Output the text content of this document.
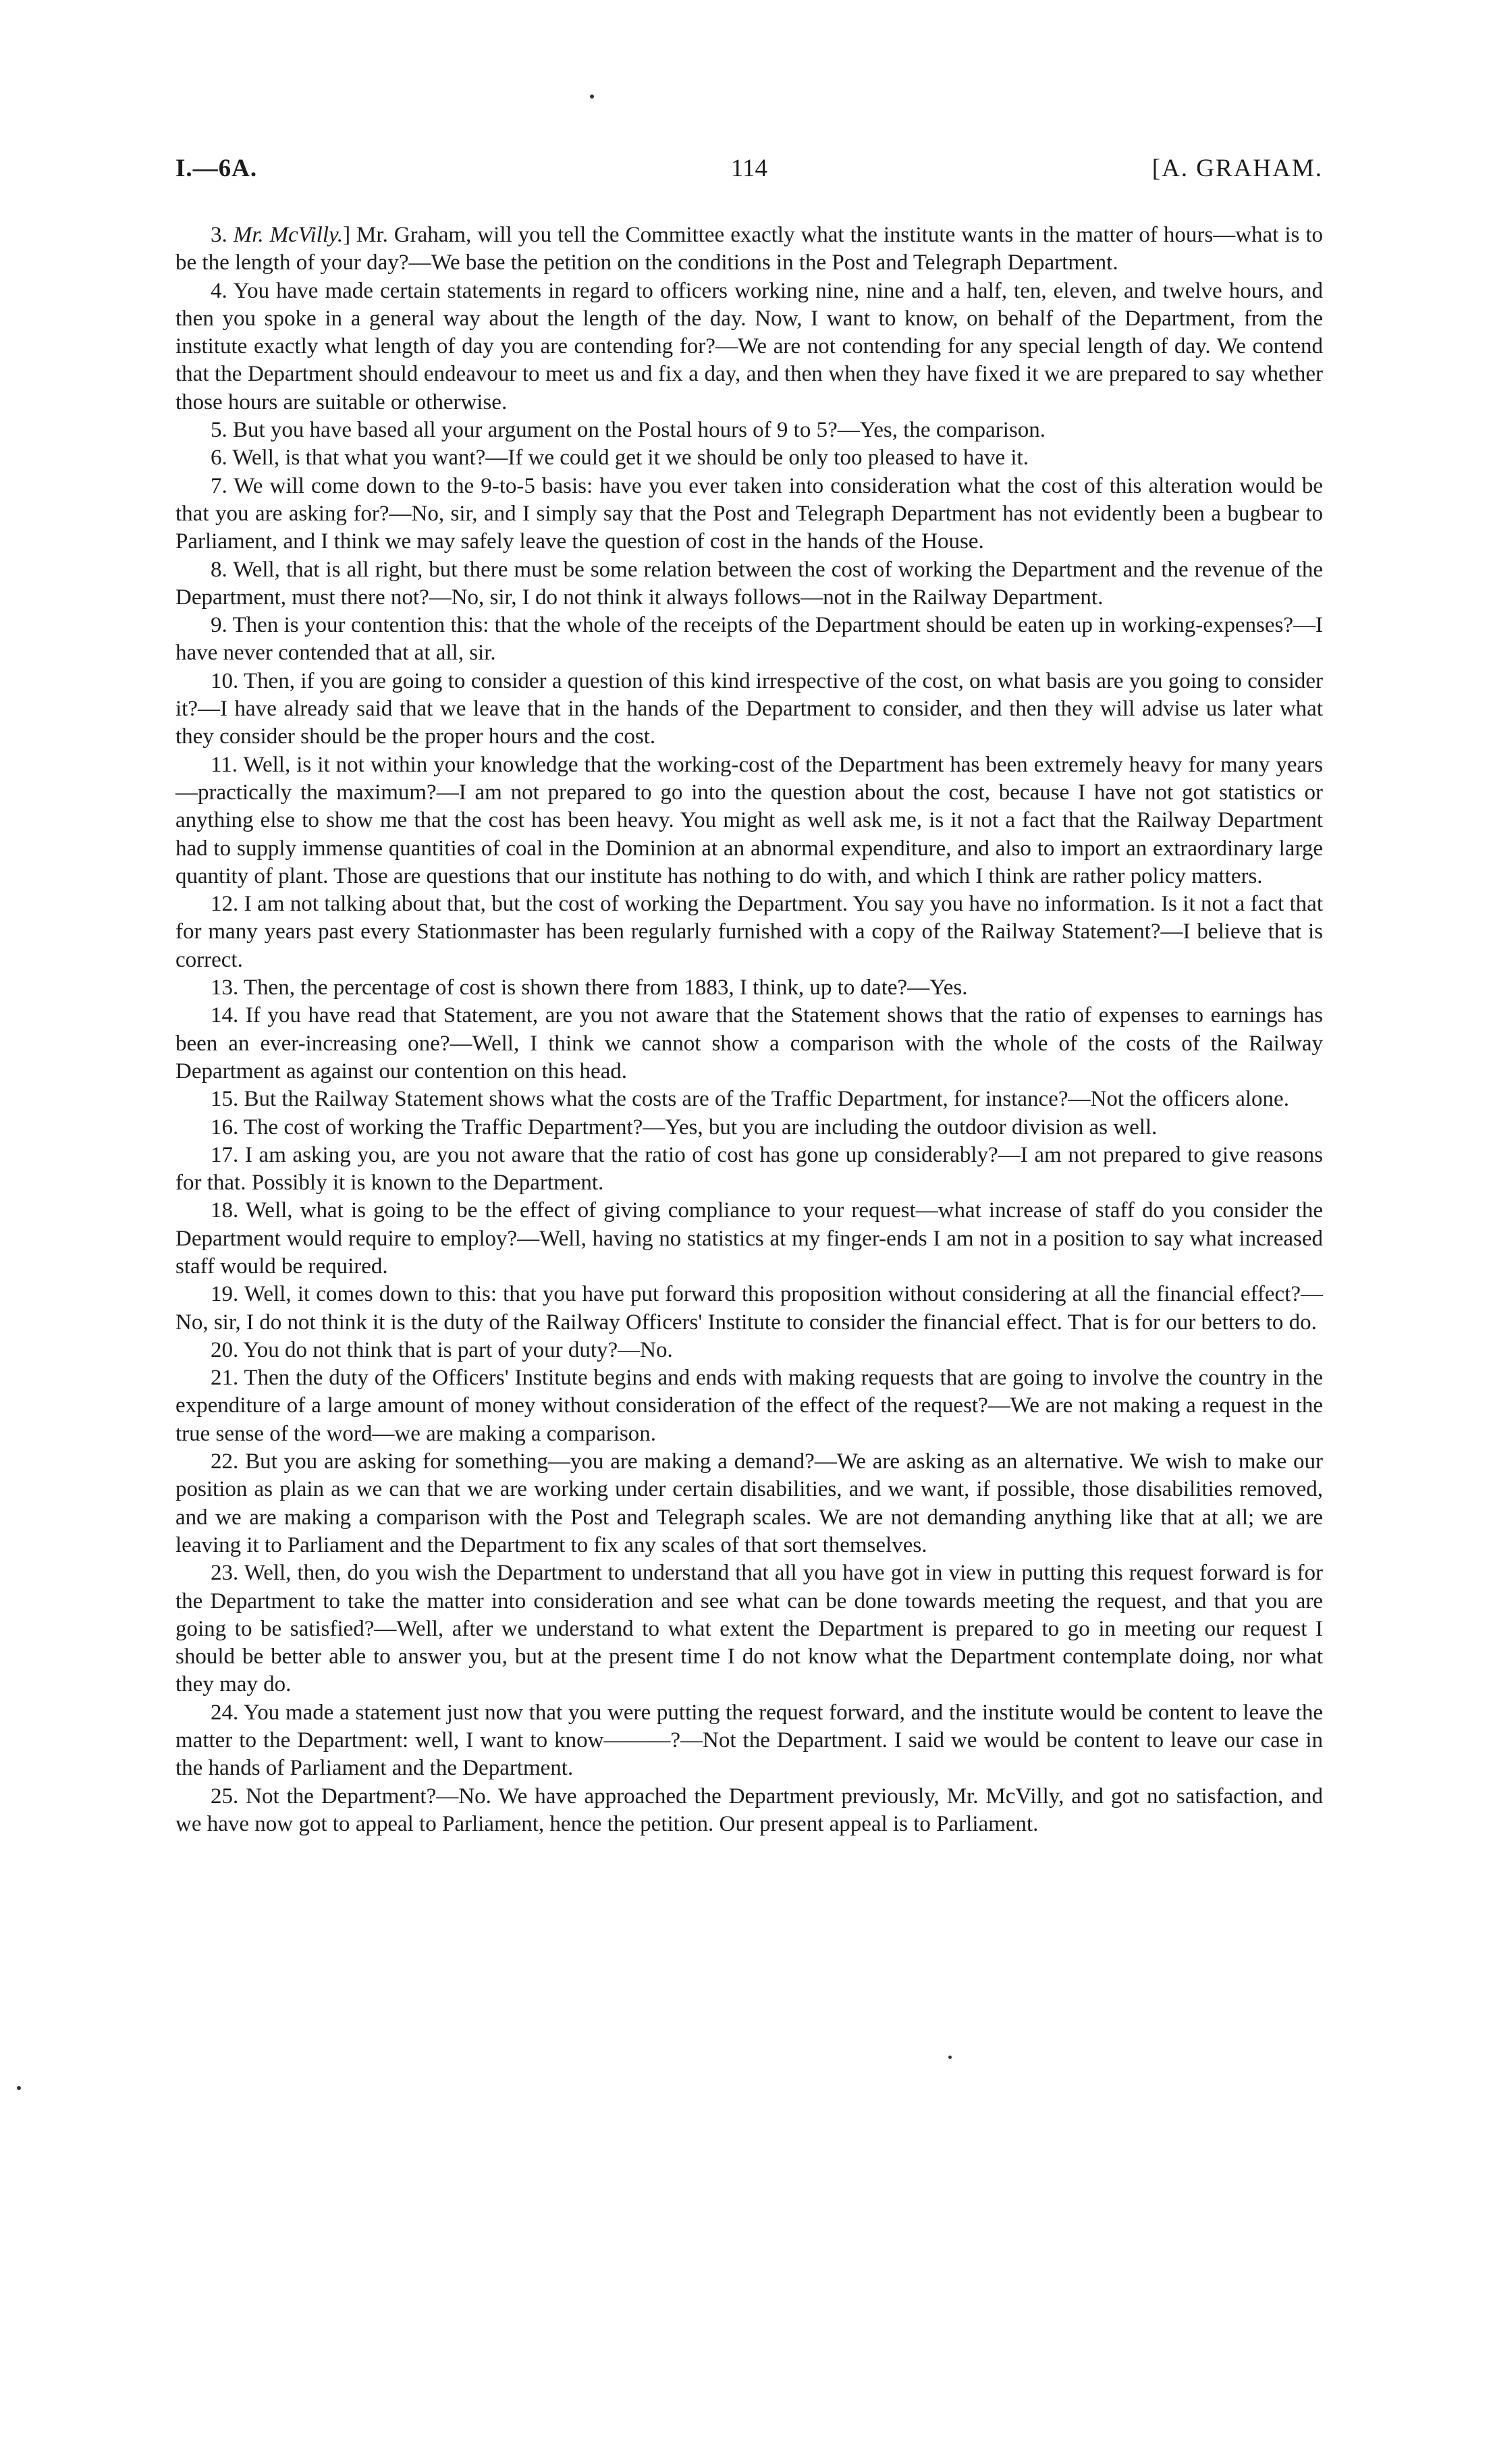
114
I.—6A.	[A. GRAHAM.

3. Mr. McVilly.] Mr. Graham, will you tell the Committee exactly what the institute wants in the matter of hours—what is to be the length of your day?—We base the petition on the conditions in the Post and Telegraph Department.

4. You have made certain statements in regard to officers working nine, nine and a half, ten, eleven, and twelve hours, and then you spoke in a general way about the length of the day. Now, I want to know, on behalf of the Department, from the institute exactly what length of day you are contending for?—We are not contending for any special length of day. We contend that the Department should endeavour to meet us and fix a day, and then when they have fixed it we are prepared to say whether those hours are suitable or otherwise.

5. But you have based all your argument on the Postal hours of 9 to 5?—Yes, the comparison.

6. Well, is that what you want?—If we could get it we should be only too pleased to have it.

7. We will come down to the 9-to-5 basis: have you ever taken into consideration what the cost of this alteration would be that you are asking for?—No, sir, and I simply say that the Post and Telegraph Department has not evidently been a bugbear to Parliament, and I think we may safely leave the question of cost in the hands of the House.

8. Well, that is all right, but there must be some relation between the cost of working the Department and the revenue of the Department, must there not?—No, sir, I do not think it always follows—not in the Railway Department.

9. Then is your contention this: that the whole of the receipts of the Department should be eaten up in working-expenses?—I have never contended that at all, sir.

10. Then, if you are going to consider a question of this kind irrespective of the cost, on what basis are you going to consider it?—I have already said that we leave that in the hands of the Department to consider, and then they will advise us later what they consider should be the proper hours and the cost.

11. Well, is it not within your knowledge that the working-cost of the Department has been extremely heavy for many years—practically the maximum?—I am not prepared to go into the question about the cost, because I have not got statistics or anything else to show me that the cost has been heavy. You might as well ask me, is it not a fact that the Railway Department had to supply immense quantities of coal in the Dominion at an abnormal expenditure, and also to import an extraordinary large quantity of plant. Those are questions that our institute has nothing to do with, and which I think are rather policy matters.

12. I am not talking about that, but the cost of working the Department. You say you have no information. Is it not a fact that for many years past every Stationmaster has been regularly furnished with a copy of the Railway Statement?—I believe that is correct.

13. Then, the percentage of cost is shown there from 1883, I think, up to date?—Yes.

14. If you have read that Statement, are you not aware that the Statement shows that the ratio of expenses to earnings has been an ever-increasing one?—Well, I think we cannot show a comparison with the whole of the costs of the Railway Department as against our contention on this head.

15. But the Railway Statement shows what the costs are of the Traffic Department, for instance?—Not the officers alone.

16. The cost of working the Traffic Department?—Yes, but you are including the outdoor division as well.

17. I am asking you, are you not aware that the ratio of cost has gone up considerably?—I am not prepared to give reasons for that. Possibly it is known to the Department.

18. Well, what is going to be the effect of giving compliance to your request—what increase of staff do you consider the Department would require to employ?—Well, having no statistics at my finger-ends I am not in a position to say what increased staff would be required.

19. Well, it comes down to this: that you have put forward this proposition without considering at all the financial effect?—No, sir, I do not think it is the duty of the Railway Officers' Institute to consider the financial effect. That is for our betters to do.

20. You do not think that is part of your duty?—No.

21. Then the duty of the Officers' Institute begins and ends with making requests that are going to involve the country in the expenditure of a large amount of money without consideration of the effect of the request?—We are not making a request in the true sense of the word—we are making a comparison.

22. But you are asking for something—you are making a demand?—We are asking as an alternative. We wish to make our position as plain as we can that we are working under certain disabilities, and we want, if possible, those disabilities removed, and we are making a comparison with the Post and Telegraph scales. We are not demanding anything like that at all; we are leaving it to Parliament and the Department to fix any scales of that sort themselves.

23. Well, then, do you wish the Department to understand that all you have got in view in putting this request forward is for the Department to take the matter into consideration and see what can be done towards meeting the request, and that you are going to be satisfied?—Well, after we understand to what extent the Department is prepared to go in meeting our request I should be better able to answer you, but at the present time I do not know what the Department contemplate doing, nor what they may do.

24. You made a statement just now that you were putting the request forward, and the institute would be content to leave the matter to the Department: well, I want to know———?—Not the Department. I said we would be content to leave our case in the hands of Parliament and the Department.

25. Not the Department?—No. We have approached the Department previously, Mr. McVilly, and got no satisfaction, and we have now got to appeal to Parliament, hence the petition. Our present appeal is to Parliament.
